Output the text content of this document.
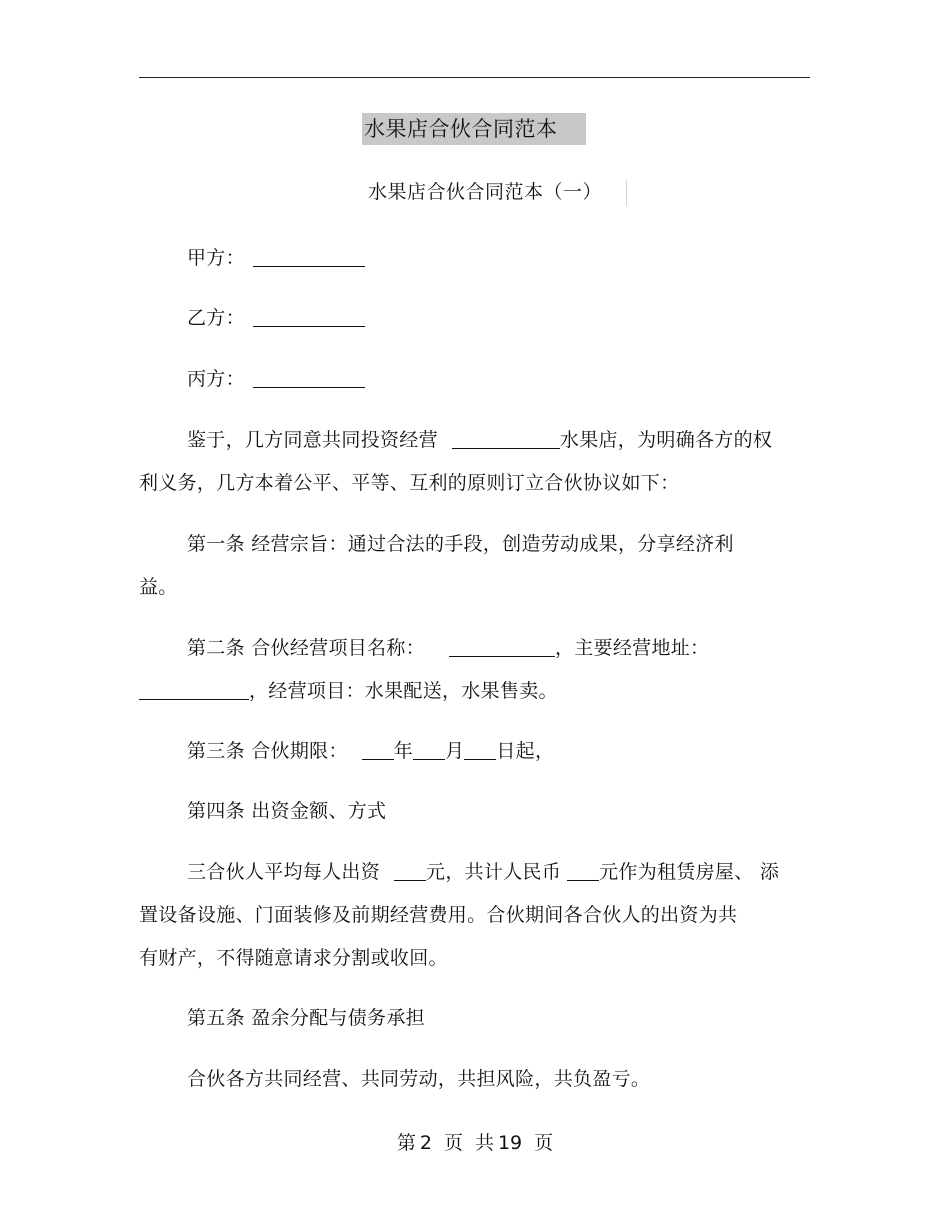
水果店合伙合同范本
水果店合伙合同范本（一）
甲方：
乙方：
丙方：
鉴于，几方同意共同投资经营	水果店，为明确各方的权
利义务，几方本着公平、平等、互利的原则订立合伙协议如下：
第一条 经营宗旨：通过合法的手段，创造劳动成果，分享经济利
益。
第二条 合伙经营项目名称：	，主要经营地址：
，经营项目：水果配送，水果售卖。
第三条 合伙期限： 年 月 日起，
第四条 出资金额、方式
三合伙人平均每人出资 元，共计人民币 元作为租赁房屋、 添
置设备设施、门面装修及前期经营费用。合伙期间各合伙人的出资为共
有财产，不得随意请求分割或收回。
第五条 盈余分配与债务承担
合伙各方共同经营、共同劳动，共担风险，共负盈亏。
第 2 页 共 19 页
